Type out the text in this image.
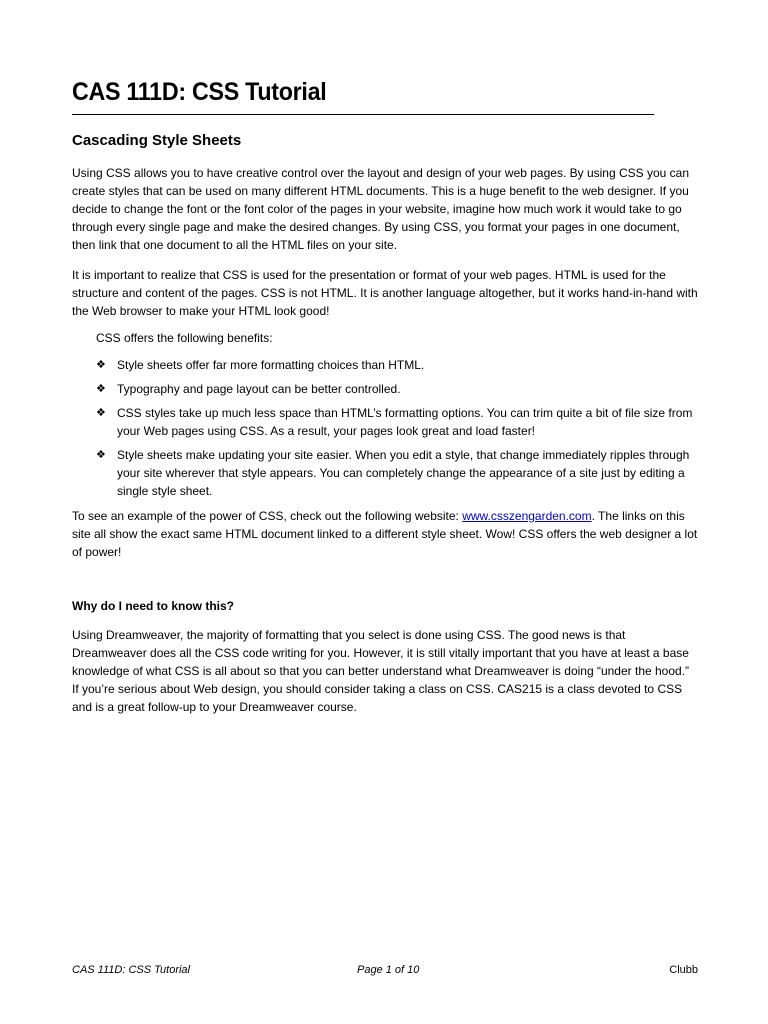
CAS 111D: CSS Tutorial
Cascading Style Sheets

Using CSS allows you to have creative control over the layout and design of your web pages. By using CSS you can create styles that can be used on many different HTML documents. This is a huge benefit to the web designer. If you decide to change the font or the font color of the pages in your website, imagine how much work it would take to go through every single page and make the desired changes. By using CSS, you format your pages in one document, then link that one document to all the HTML files on your site.

It is important to realize that CSS is used for the presentation or format of your web pages. HTML is used for the structure and content of the pages. CSS is not HTML. It is another language altogether, but it works hand-in-hand with the Web browser to make your HTML look good!

CSS offers the following benefits:

❖ Style sheets offer far more formatting choices than HTML.
❖ Typography and page layout can be better controlled.
❖ CSS styles take up much less space than HTML’s formatting options. You can trim quite a bit of file size from your Web pages using CSS. As a result, your pages look great and load faster!
❖ Style sheets make updating your site easier. When you edit a style, that change immediately ripples through your site wherever that style appears. You can completely change the appearance of a site just by editing a single style sheet.

To see an example of the power of CSS, check out the following website: www.csszengarden.com. The links on this site all show the exact same HTML document linked to a different style sheet. Wow! CSS offers the web designer a lot of power!

Why do I need to know this?

Using Dreamweaver, the majority of formatting that you select is done using CSS. The good news is that Dreamweaver does all the CSS code writing for you. However, it is still vitally important that you have at least a base knowledge of what CSS is all about so that you can better understand what Dreamweaver is doing “under the hood.” If you’re serious about Web design, you should consider taking a class on CSS. CAS215 is a class devoted to CSS and is a great follow-up to your Dreamweaver course.

CAS 111D: CSS Tutorial	Page 1 of 10	Clubb
